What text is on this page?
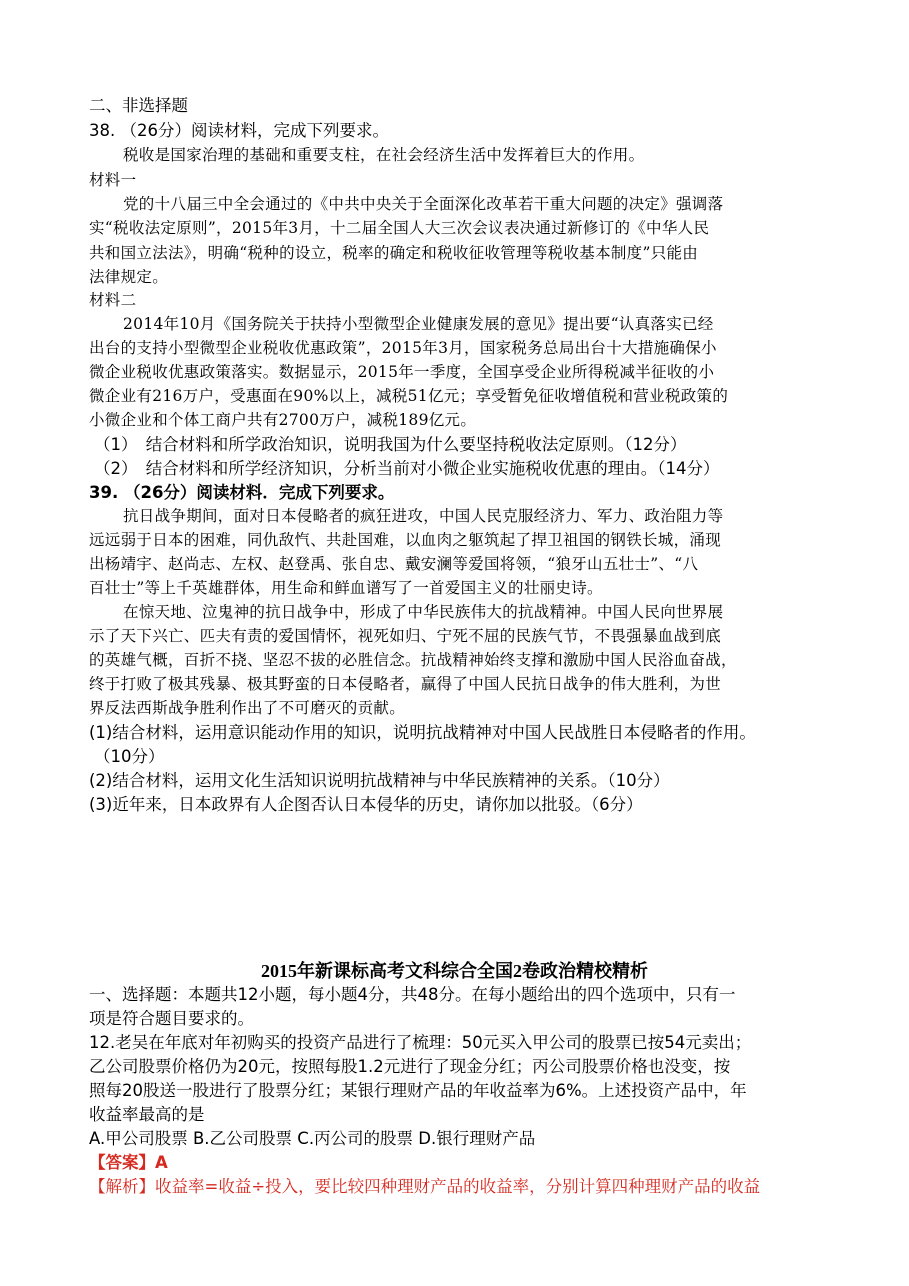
二、非选择题
38. （26分）阅读材料，完成下列要求。
税收是国家治理的基础和重要支柱，在社会经济生活中发挥着巨大的作用。
材料一
党的十八届三中全会通过的《中共中央关于全面深化改革若干重大问题的决定》强调落
实“税收法定原则”，2015年3月，十二届全国人大三次会议表决通过新修订的《中华人民
共和国立法法》，明确“税种的设立，税率的确定和税收征收管理等税收基本制度”只能由
法律规定。
材料二
2014年10月《国务院关于扶持小型微型企业健康发展的意见》提出要“认真落实已经
出台的支持小型微型企业税收优惠政策”，2015年3月，国家税务总局出台十大措施确保小
微企业税收优惠政策落实。数据显示，2015年一季度，全国享受企业所得税减半征收的小
微企业有216万户，受惠面在90%以上，减税51亿元；享受暂免征收增值税和营业税政策的
小微企业和个体工商户共有2700万户，减税189亿元。
（1）　结合材料和所学政治知识，说明我国为什么要坚持税收法定原则。（12分）
（2）　结合材料和所学经济知识，分析当前对小微企业实施税收优惠的理由。（14分）
39. （26分）阅读材料．完成下列要求。
抗日战争期间，面对日本侵略者的疯狂进攻，中国人民克服经济力、军力、政治阻力等
远远弱于日本的困难，同仇敌忾、共赴国难，以血肉之躯筑起了捍卫祖国的钢铁长城，涌现
出杨靖宇、赵尚志、左权、赵登禹、张自忠、戴安澜等爱国将领，“狼牙山五壮士”、“八
百壮士”等上千英雄群体，用生命和鲜血谱写了一首爱国主义的壮丽史诗。
在惊天地、泣鬼神的抗日战争中，形成了中华民族伟大的抗战精神。中国人民向世界展
示了天下兴亡、匹夫有责的爱国情怀，视死如归、宁死不屈的民族气节，不畏强暴血战到底
的英雄气概，百折不挠、坚忍不拔的必胜信念。抗战精神始终支撑和激励中国人民浴血奋战，
终于打败了极其残暴、极其野蛮的日本侵略者，赢得了中国人民抗日战争的伟大胜利，为世
界反法西斯战争胜利作出了不可磨灭的贡献。
(1)结合材料，运用意识能动作用的知识，说明抗战精神对中国人民战胜日本侵略者的作用。
（10分）
(2)结合材料，运用文化生活知识说明抗战精神与中华民族精神的关系。（10分）
(3)近年来，日本政界有人企图否认日本侵华的历史，请你加以批驳。（6分）
2015年新课标高考文科综合全国2卷政治精校精析
一、选择题：本题共12小题，每小题4分，共48分。在每小题给出的四个选项中，只有一
项是符合题目要求的。
12.老吴在年底对年初购买的投资产品进行了梳理：50元买入甲公司的股票已按54元卖出；
乙公司股票价格仍为20元，按照每股1.2元进行了现金分红；丙公司股票价格也没变，按
照每20股送一股进行了股票分红；某银行理财产品的年收益率为6%。上述投资产品中，年
收益率最高的是
A.甲公司股票 B.乙公司股票 C.丙公司的股票 D.银行理财产品
【答案】A
【解析】收益率=收益÷投入，要比较四种理财产品的收益率，分别计算四种理财产品的收益
